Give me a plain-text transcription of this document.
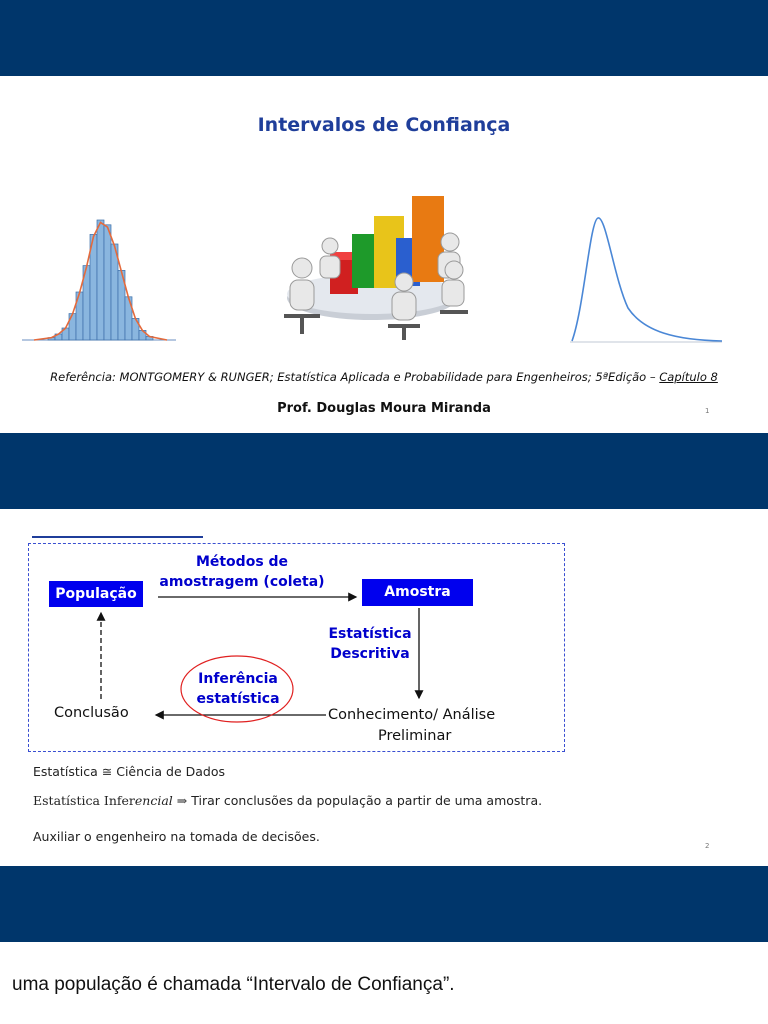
Intervalos de Confiança
Referência: MONTGOMERY & RUNGER; Estatística Aplicada e Probabilidade para Engenheiros; 5ªEdição – Capítulo 8
Prof. Douglas Moura Miranda	1
População	Amostra
Métodos de
amostragem (coleta)
Estatística
Descritiva
Inferência
estatística
Conclusão	Conhecimento/ Análise
Preliminar
Estatística ≅ Ciência de Dados
Estatística Inferencial ⇒ Tirar conclusões da população a partir de uma amostra.
Auxiliar o engenheiro na tomada de decisões.
2
uma população é chamada “Intervalo de Confiança”.
